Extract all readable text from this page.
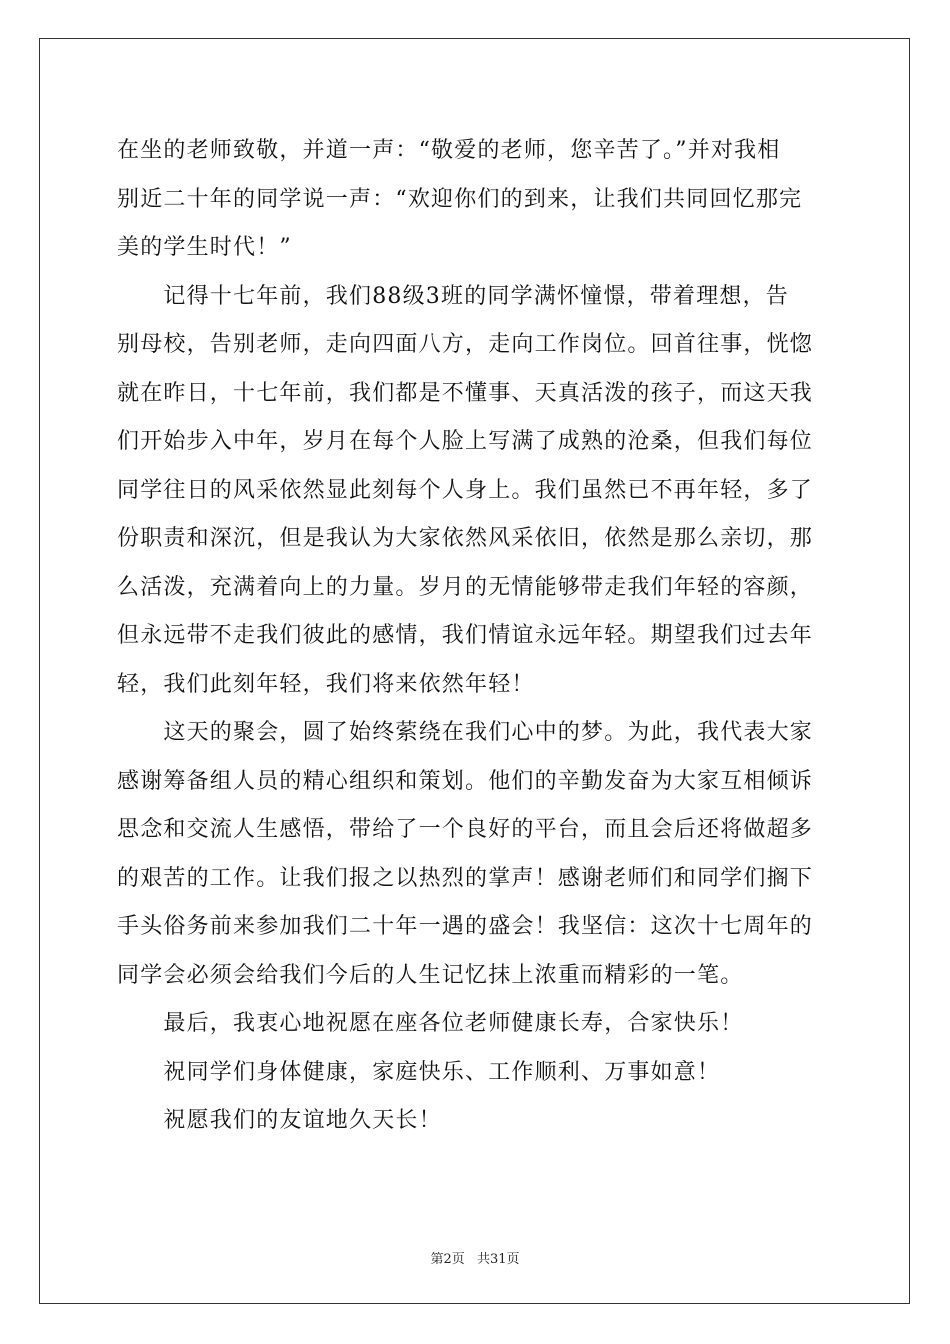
在坐的老师致敬，并道一声：“敬爱的老师，您辛苦了。”并对我相
别近二十年的同学说一声：“欢迎你们的到来，让我们共同回忆那完
美的学生时代！”
　　记得十七年前，我们88级3班的同学满怀憧憬，带着理想，告
别母校，告别老师，走向四面八方，走向工作岗位。回首往事，恍惚
就在昨日，十七年前，我们都是不懂事、天真活泼的孩子，而这天我
们开始步入中年，岁月在每个人脸上写满了成熟的沧桑，但我们每位
同学往日的风采依然显此刻每个人身上。我们虽然已不再年轻，多了
份职责和深沉，但是我认为大家依然风采依旧，依然是那么亲切，那
么活泼，充满着向上的力量。岁月的无情能够带走我们年轻的容颜，
但永远带不走我们彼此的感情，我们情谊永远年轻。期望我们过去年
轻，我们此刻年轻，我们将来依然年轻！
　　这天的聚会，圆了始终萦绕在我们心中的梦。为此，我代表大家
感谢筹备组人员的精心组织和策划。他们的辛勤发奋为大家互相倾诉
思念和交流人生感悟，带给了一个良好的平台，而且会后还将做超多
的艰苦的工作。让我们报之以热烈的掌声！感谢老师们和同学们搁下
手头俗务前来参加我们二十年一遇的盛会！我坚信：这次十七周年的
同学会必须会给我们今后的人生记忆抹上浓重而精彩的一笔。
　　最后，我衷心地祝愿在座各位老师健康长寿，合家快乐！
　　祝同学们身体健康，家庭快乐、工作顺利、万事如意！
　　祝愿我们的友谊地久天长！
第2页 共31页
